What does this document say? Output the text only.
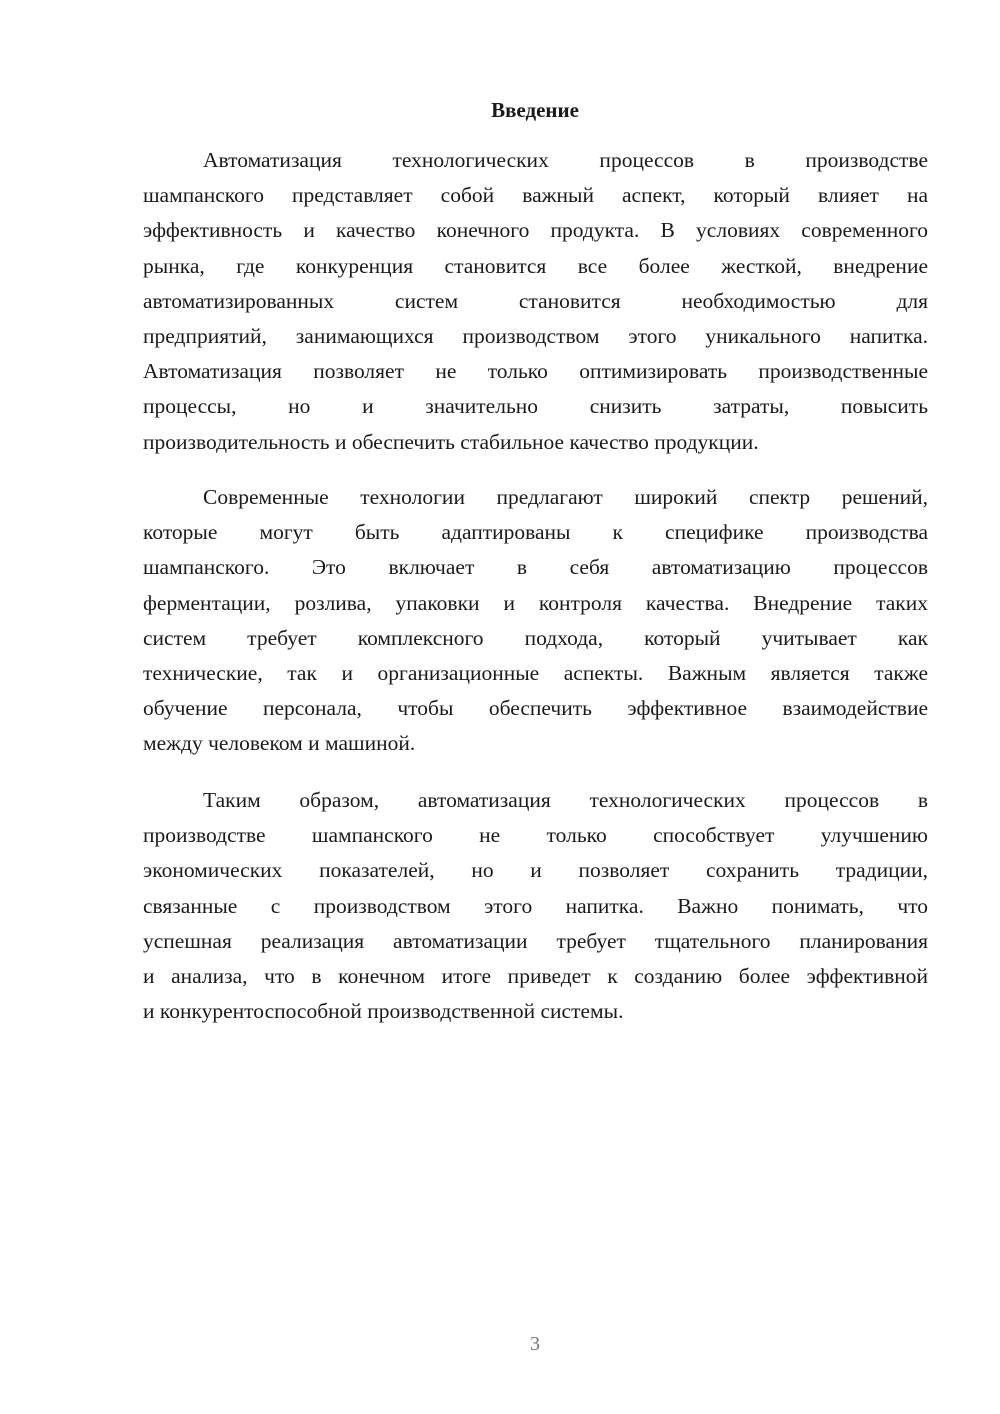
Введение
Автоматизация технологических процессов в производстве
шампанского представляет собой важный аспект, который влияет на
эффективность и качество конечного продукта. В условиях современного
рынка, где конкуренция становится все более жесткой, внедрение
автоматизированных систем становится необходимостью для
предприятий, занимающихся производством этого уникального напитка.
Автоматизация позволяет не только оптимизировать производственные
процессы, но и значительно снизить затраты, повысить
производительность и обеспечить стабильное качество продукции.
Современные технологии предлагают широкий спектр решений,
которые могут быть адаптированы к специфике производства
шампанского. Это включает в себя автоматизацию процессов
ферментации, розлива, упаковки и контроля качества. Внедрение таких
систем требует комплексного подхода, который учитывает как
технические, так и организационные аспекты. Важным является также
обучение персонала, чтобы обеспечить эффективное взаимодействие
между человеком и машиной.
Таким образом, автоматизация технологических процессов в
производстве шампанского не только способствует улучшению
экономических показателей, но и позволяет сохранить традиции,
связанные с производством этого напитка. Важно понимать, что
успешная реализация автоматизации требует тщательного планирования
и анализа, что в конечном итоге приведет к созданию более эффективной
и конкурентоспособной производственной системы.
3
